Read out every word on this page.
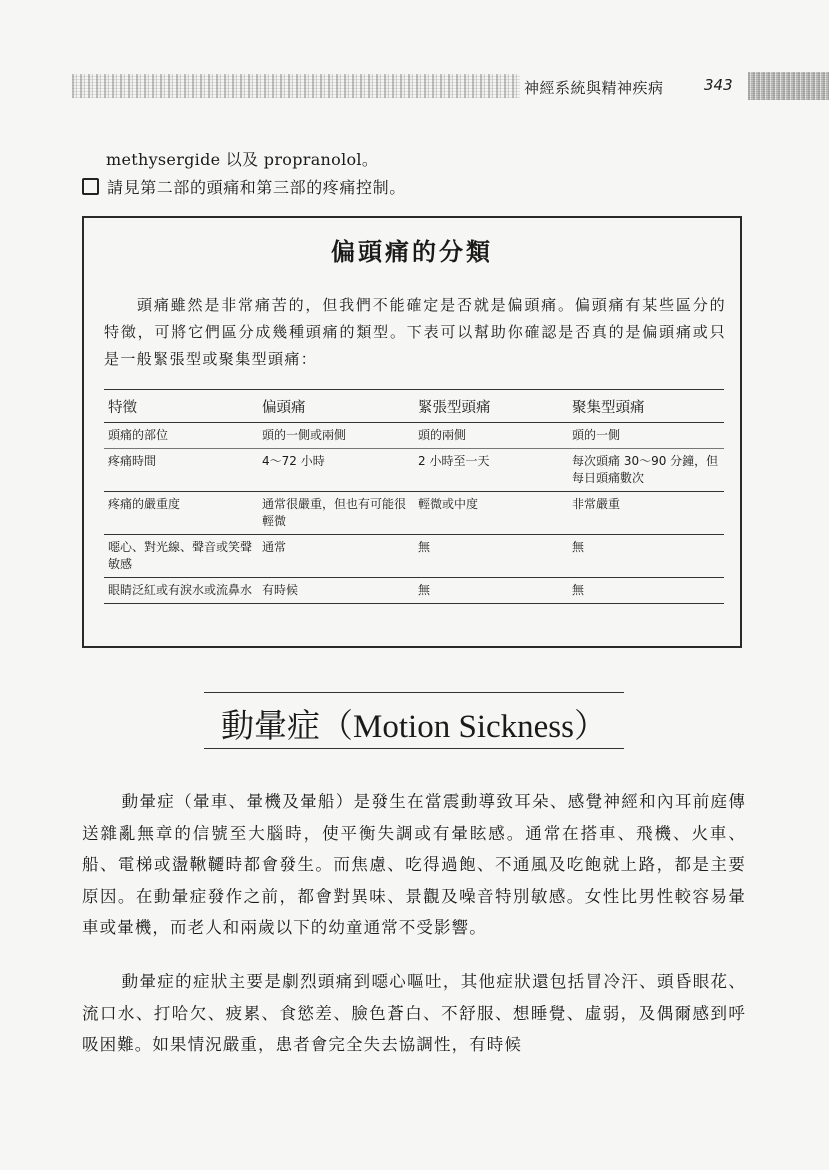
神經系統與精神疾病	343
methysergide 以及 propranolol。
請見第二部的頭痛和第三部的疼痛控制。
偏頭痛的分類
頭痛雖然是非常痛苦的，但我們不能確定是否就是偏頭痛。偏頭痛有某些區分的特徵，可將它們區分成幾種頭痛的類型。下表可以幫助你確認是否真的是偏頭痛或只是一般緊張型或聚集型頭痛：
特徵	偏頭痛	緊張型頭痛	聚集型頭痛
頭痛的部位	頭的一側或兩側	頭的兩側	頭的一側
疼痛時間	4～72 小時	2 小時至一天	每次頭痛 30～90 分鐘，但每日頭痛數次
疼痛的嚴重度	通常很嚴重，但也有可能很輕微	輕微或中度	非常嚴重
噁心、對光線、聲音或笑聲敏感	通常	無	無
眼睛泛紅或有淚水或流鼻水	有時候	無	無
動暈症（Motion Sickness）
動暈症（暈車、暈機及暈船）是發生在當震動導致耳朵、感覺神經和內耳前庭傳送雜亂無章的信號至大腦時，使平衡失調或有暈眩感。通常在搭車、飛機、火車、船、電梯或盪鞦韆時都會發生。而焦慮、吃得過飽、不通風及吃飽就上路，都是主要原因。在動暈症發作之前，都會對異味、景觀及噪音特別敏感。女性比男性較容易暈車或暈機，而老人和兩歲以下的幼童通常不受影響。
動暈症的症狀主要是劇烈頭痛到噁心嘔吐，其他症狀還包括冒冷汗、頭昏眼花、流口水、打哈欠、疲累、食慾差、臉色蒼白、不舒服、想睡覺、虛弱，及偶爾感到呼吸困難。如果情況嚴重，患者會完全失去協調性，有時候
